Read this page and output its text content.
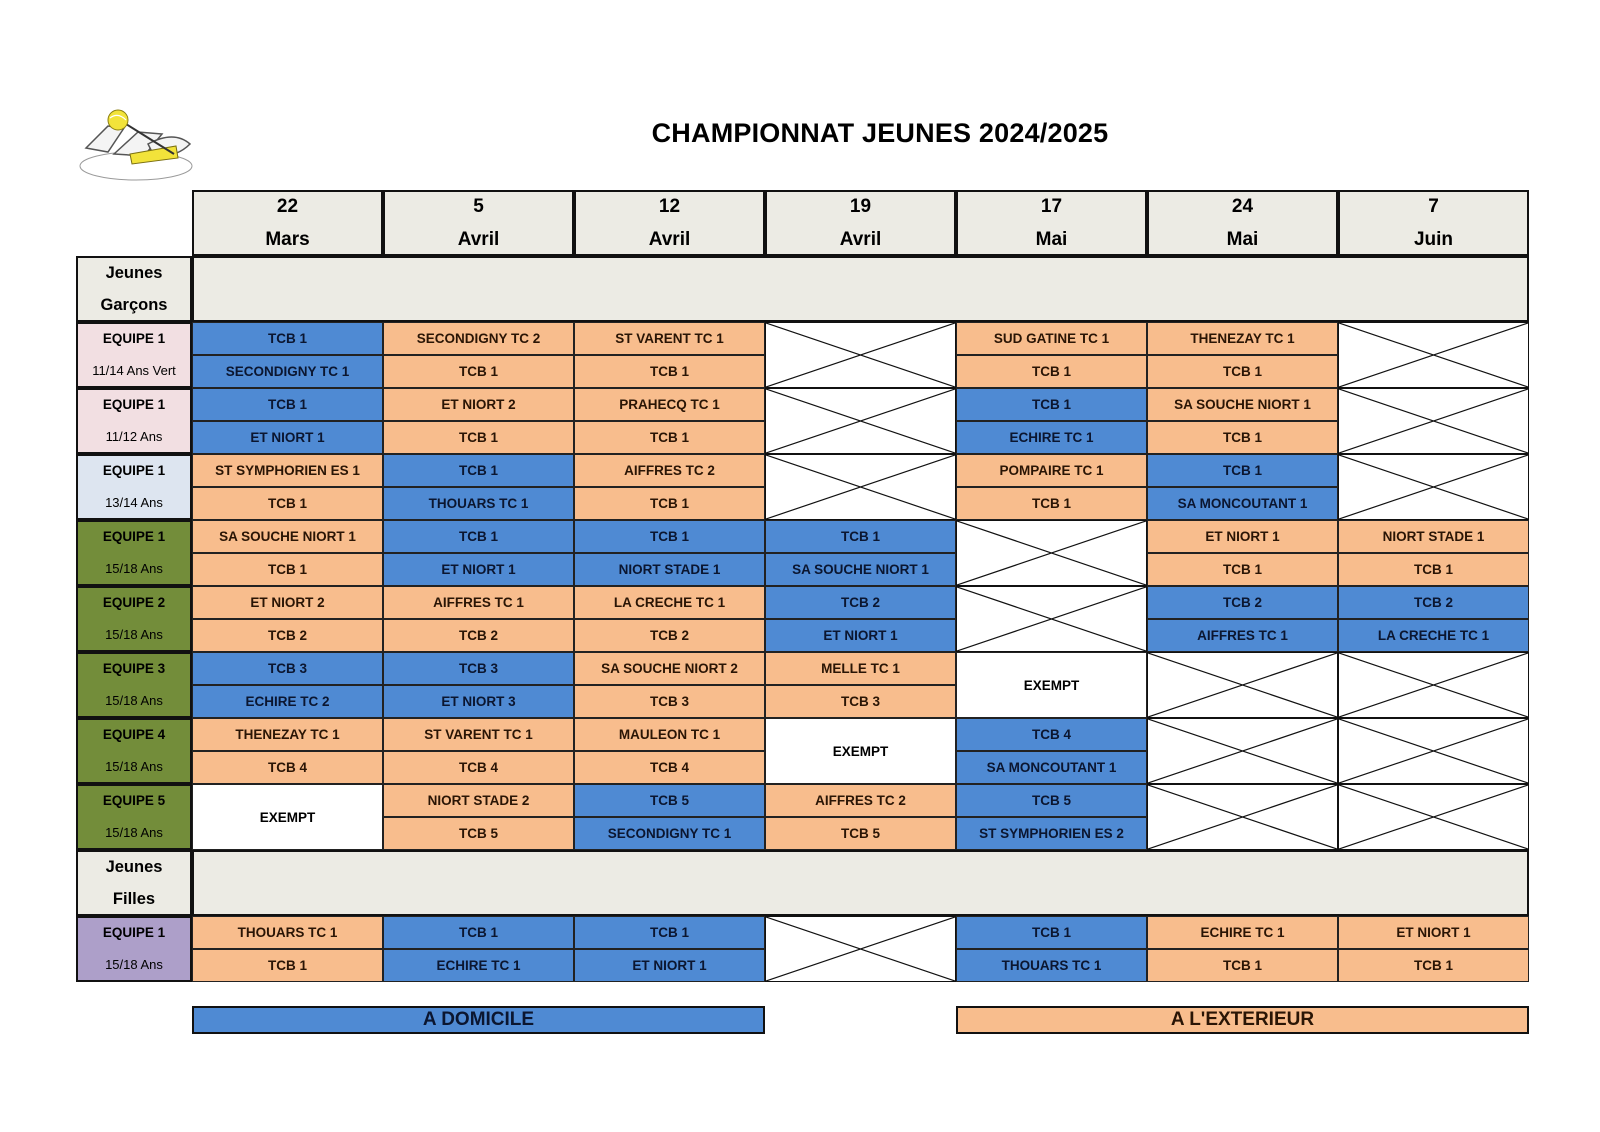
CHAMPIONNAT JEUNES 2024/2025
22
Mars
5
Avril
12
Avril
19
Avril
17
Mai
24
Mai
7
Juin
Jeunes
Garçons
EQUIPE 1
11/14 Ans Vert
TCB 1
SECONDIGNY TC 1
SECONDIGNY TC 2
TCB 1
ST VARENT TC 1
TCB 1
SUD GATINE TC 1
TCB 1
THENEZAY TC 1
TCB 1
EQUIPE 1
11/12 Ans
TCB 1
ET NIORT 1
ET NIORT 2
TCB 1
PRAHECQ TC 1
TCB 1
TCB 1
ECHIRE TC 1
SA SOUCHE NIORT 1
TCB 1
EQUIPE 1
13/14 Ans
ST SYMPHORIEN ES 1
TCB 1
TCB 1
THOUARS TC 1
AIFFRES TC 2
TCB 1
POMPAIRE TC 1
TCB 1
TCB 1
SA MONCOUTANT 1
EQUIPE 1
15/18 Ans
SA SOUCHE NIORT 1
TCB 1
TCB 1
ET NIORT 1
TCB 1
NIORT STADE 1
TCB 1
SA SOUCHE NIORT 1
ET NIORT 1
TCB 1
NIORT STADE 1
TCB 1
EQUIPE 2
15/18 Ans
ET NIORT 2
TCB 2
AIFFRES TC 1
TCB 2
LA CRECHE TC 1
TCB 2
TCB 2
ET NIORT 1
TCB 2
AIFFRES TC 1
TCB 2
LA CRECHE TC 1
EQUIPE 3
15/18 Ans
TCB 3
ECHIRE TC 2
TCB 3
ET NIORT 3
SA SOUCHE NIORT 2
TCB 3
MELLE TC 1
TCB 3
EXEMPT
EQUIPE 4
15/18 Ans
THENEZAY TC 1
TCB 4
ST VARENT TC 1
TCB 4
MAULEON TC 1
TCB 4
EXEMPT
TCB 4
SA MONCOUTANT 1
EQUIPE 5
15/18 Ans
EXEMPT
NIORT STADE 2
TCB 5
TCB 5
SECONDIGNY TC 1
AIFFRES TC 2
TCB 5
TCB 5
ST SYMPHORIEN ES 2
Jeunes
Filles
EQUIPE 1
15/18 Ans
THOUARS TC 1
TCB 1
TCB 1
ECHIRE TC 1
TCB 1
ET NIORT 1
TCB 1
THOUARS TC 1
ECHIRE TC 1
TCB 1
ET NIORT 1
TCB 1
A DOMICILE	A L'EXTERIEUR
